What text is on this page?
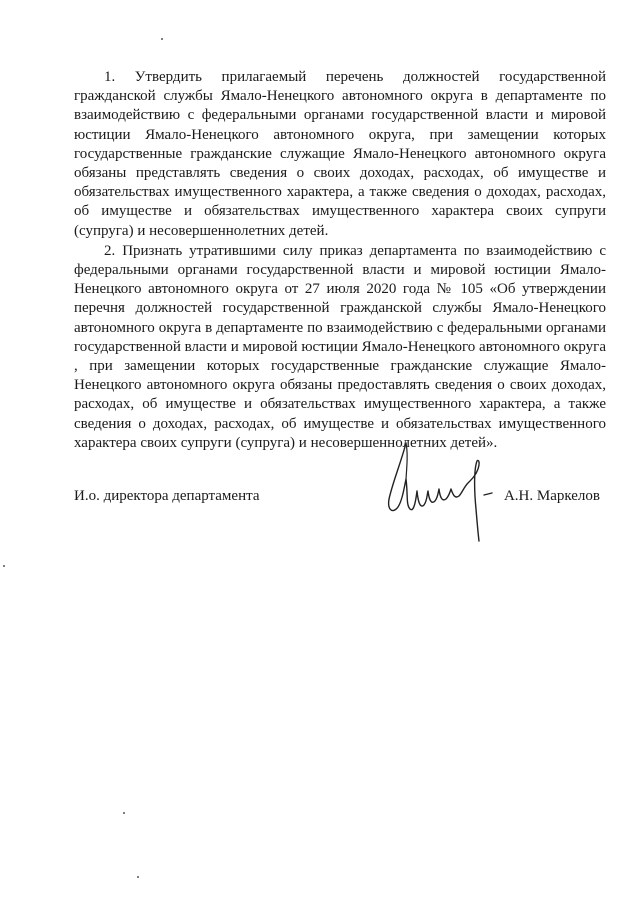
1. Утвердить прилагаемый перечень должностей государственной гражданской службы Ямало-Ненецкого автономного округа в департаменте по взаимодействию с федеральными органами государственной власти и мировой юстиции Ямало-Ненецкого автономного округа, при замещении которых государственные гражданские служащие Ямало-Ненецкого автономного округа обязаны представлять сведения о своих доходах, расходах, об имуществе и обязательствах имущественного характера, а также сведения о доходах, расходах, об имуществе и обязательствах имущественного характера своих супруги (супруга) и несовершеннолетних детей.

2. Признать утратившими силу приказ департамента по взаимодействию с федеральными органами государственной власти и мировой юстиции Ямало-Ненецкого автономного округа от 27 июля 2020 года № 105 «Об утверждении перечня должностей государственной гражданской службы Ямало-Ненецкого автономного округа в департаменте по взаимодействию с федеральными органами государственной власти и мировой юстиции Ямало-Ненецкого автономного округа , при замещении которых государственные гражданские служащие Ямало-Ненецкого автономного округа обязаны предоставлять сведения о своих доходах, расходах, об имуществе и обязательствах имущественного характера, а также сведения о доходах, расходах, об имуществе и обязательствах имущественного характера своих супруги (супруга) и несовершеннолетних детей».

И.о. директора департамента	А.Н. Маркелов
